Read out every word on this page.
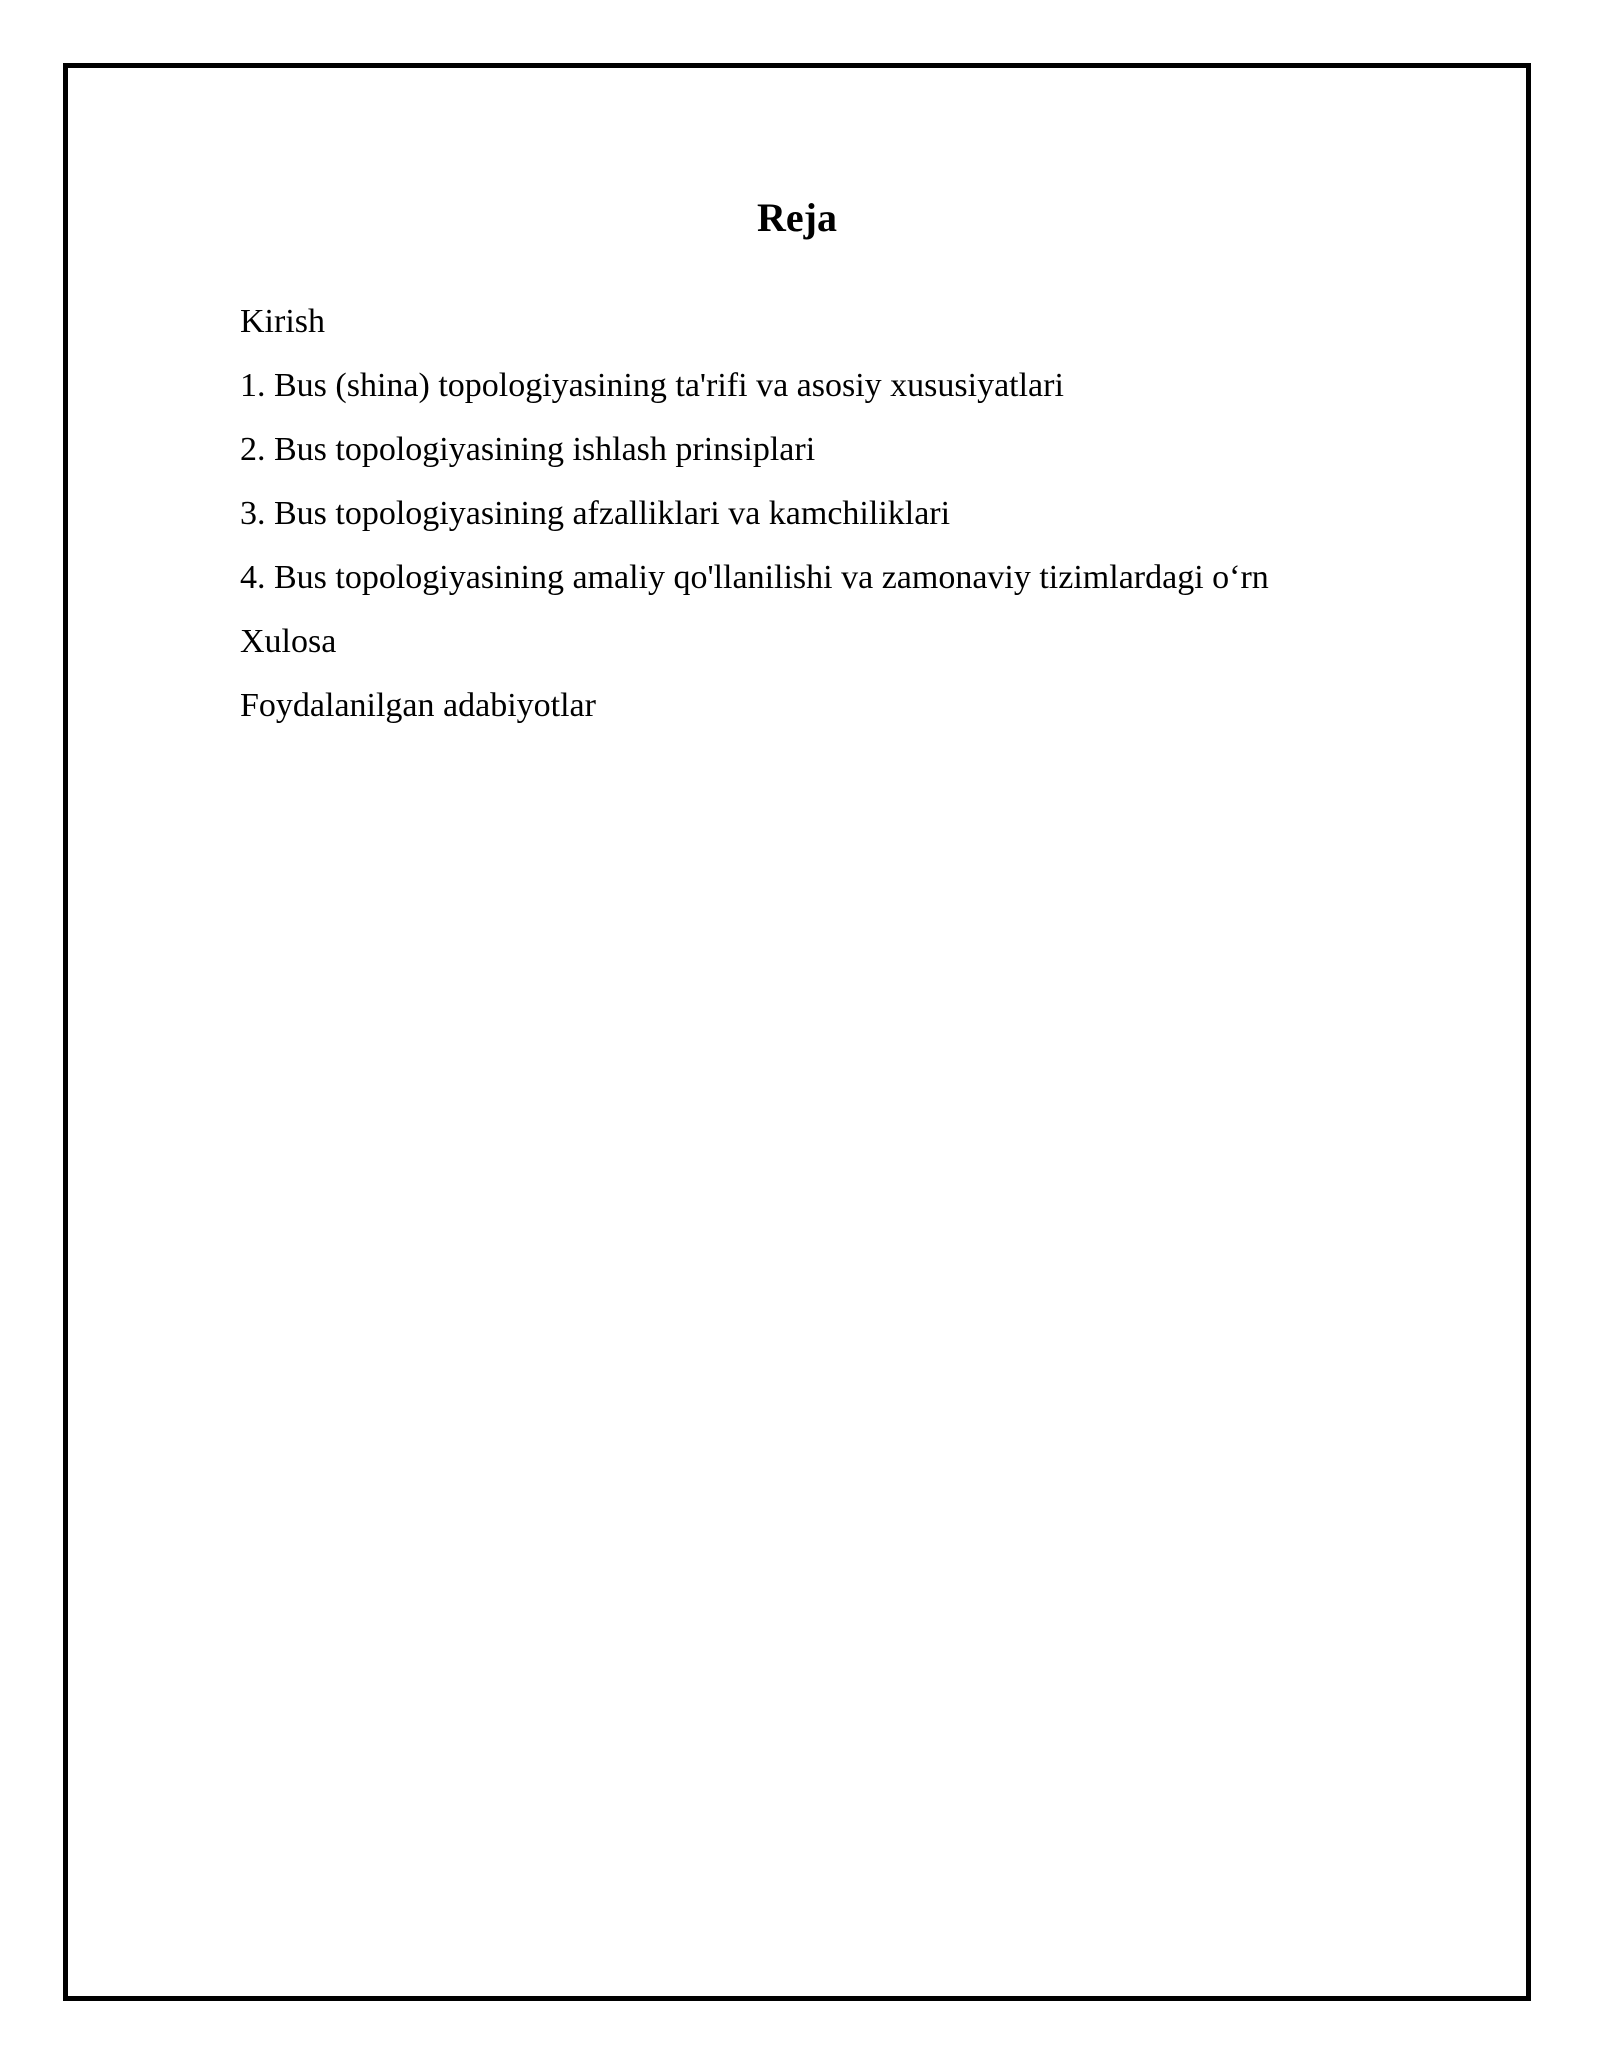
Reja
Kirish
1. Bus (shina) topologiyasining ta'rifi va asosiy xususiyatlari
2. Bus topologiyasining ishlash prinsiplari
3. Bus topologiyasining afzalliklari va kamchiliklari
4. Bus topologiyasining amaliy qo'llanilishi va zamonaviy tizimlardagi o‘rn
Xulosa
Foydalanilgan adabiyotlar
